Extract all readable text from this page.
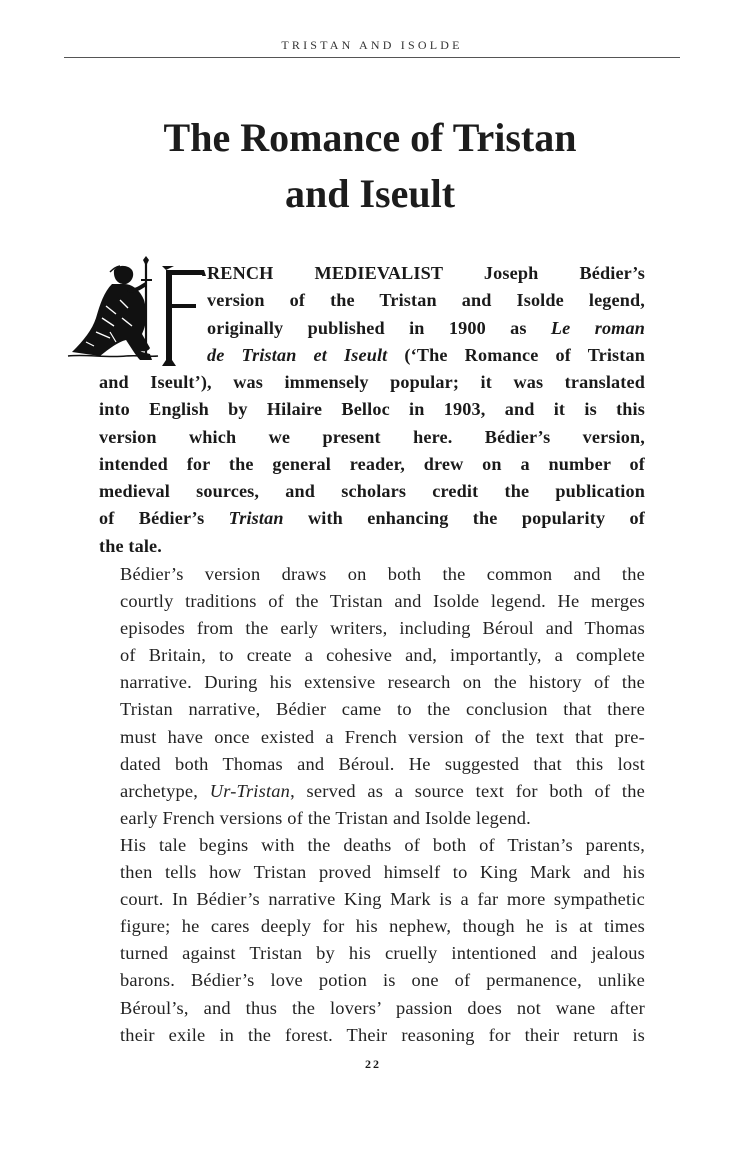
TRISTAN AND ISOLDE
The Romance of Tristan
and Iseult

RENCH MEDIEVALIST Joseph Bédier’s
version of the Tristan and Isolde legend,
originally published in 1900 as Le roman
de Tristan et Iseult (‘The Romance of Tristan

and Iseult’), was immensely popular; it was translated
into English by Hilaire Belloc in 1903, and it is this
version which we present here. Bédier’s version,
intended for the general reader, drew on a number of
medieval sources, and scholars credit the publication
of Bédier’s Tristan with enhancing the popularity of
the tale.

Bédier’s version draws on both the common and the
courtly traditions of the Tristan and Isolde legend. He merges
episodes from the early writers, including Béroul and Thomas
of Britain, to create a cohesive and, importantly, a complete
narrative. During his extensive research on the history of the
Tristan narrative, Bédier came to the conclusion that there
must have once existed a French version of the text that pre-
dated both Thomas and Béroul. He suggested that this lost
archetype, Ur-Tristan, served as a source text for both of the
early French versions of the Tristan and Isolde legend.

His tale begins with the deaths of both of Tristan’s parents,
then tells how Tristan proved himself to King Mark and his
court. In Bédier’s narrative King Mark is a far more sympathetic
figure; he cares deeply for his nephew, though he is at times
turned against Tristan by his cruelly intentioned and jealous
barons. Bédier’s love potion is one of permanence, unlike
Béroul’s, and thus the lovers’ passion does not wane after
their exile in the forest. Their reasoning for their return is

22
